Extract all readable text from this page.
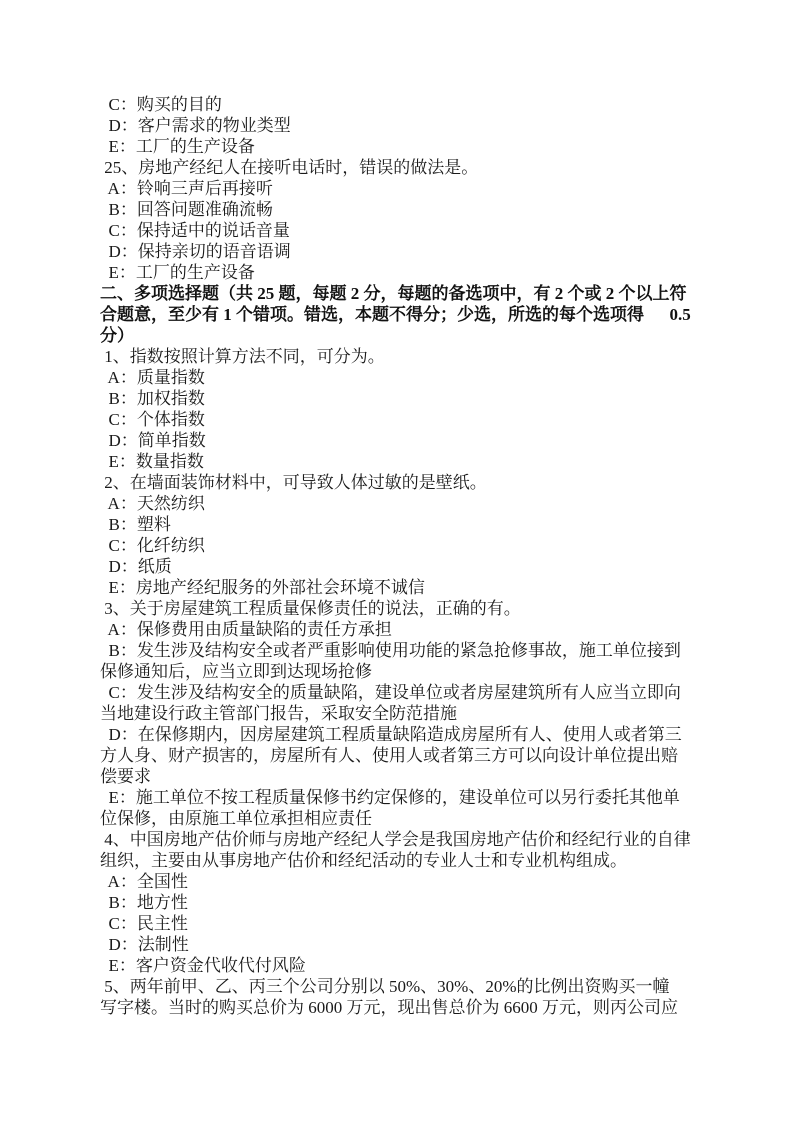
C：购买的目的
D：客户需求的物业类型
E：工厂的生产设备
25、房地产经纪人在接听电话时，错误的做法是。
A：铃响三声后再接听
B：回答问题准确流畅
C：保持适中的说话音量
D：保持亲切的语音语调
E：工厂的生产设备
二、多项选择题（共 25 题，每题 2 分，每题的备选项中，有 2 个或 2 个以上符
合题意，至少有 1 个错项。错选，本题不得分；少选，所选的每个选项得      0.5
分）
1、指数按照计算方法不同，可分为。
A：质量指数
B：加权指数
C：个体指数
D：简单指数
E：数量指数
2、在墙面装饰材料中，可导致人体过敏的是壁纸。
A：天然纺织
B：塑料
C：化纤纺织
D：纸质
E：房地产经纪服务的外部社会环境不诚信
3、关于房屋建筑工程质量保修责任的说法，正确的有。
A：保修费用由质量缺陷的责任方承担
B：发生涉及结构安全或者严重影响使用功能的紧急抢修事故，施工单位接到
保修通知后，应当立即到达现场抢修
C：发生涉及结构安全的质量缺陷，建设单位或者房屋建筑所有人应当立即向
当地建设行政主管部门报告，采取安全防范措施
D：在保修期内，因房屋建筑工程质量缺陷造成房屋所有人、使用人或者第三
方人身、财产损害的，房屋所有人、使用人或者第三方可以向设计单位提出赔
偿要求
E：施工单位不按工程质量保修书约定保修的，建设单位可以另行委托其他单
位保修，由原施工单位承担相应责任
4、中国房地产估价师与房地产经纪人学会是我国房地产估价和经纪行业的自律
组织，主要由从事房地产估价和经纪活动的专业人士和专业机构组成。
A：全国性
B：地方性
C：民主性
D：法制性
E：客户资金代收代付风险
5、两年前甲、乙、丙三个公司分别以 50%、30%、20%的比例出资购买一幢
写字楼。当时的购买总价为 6000 万元，现出售总价为 6600 万元，则丙公司应
